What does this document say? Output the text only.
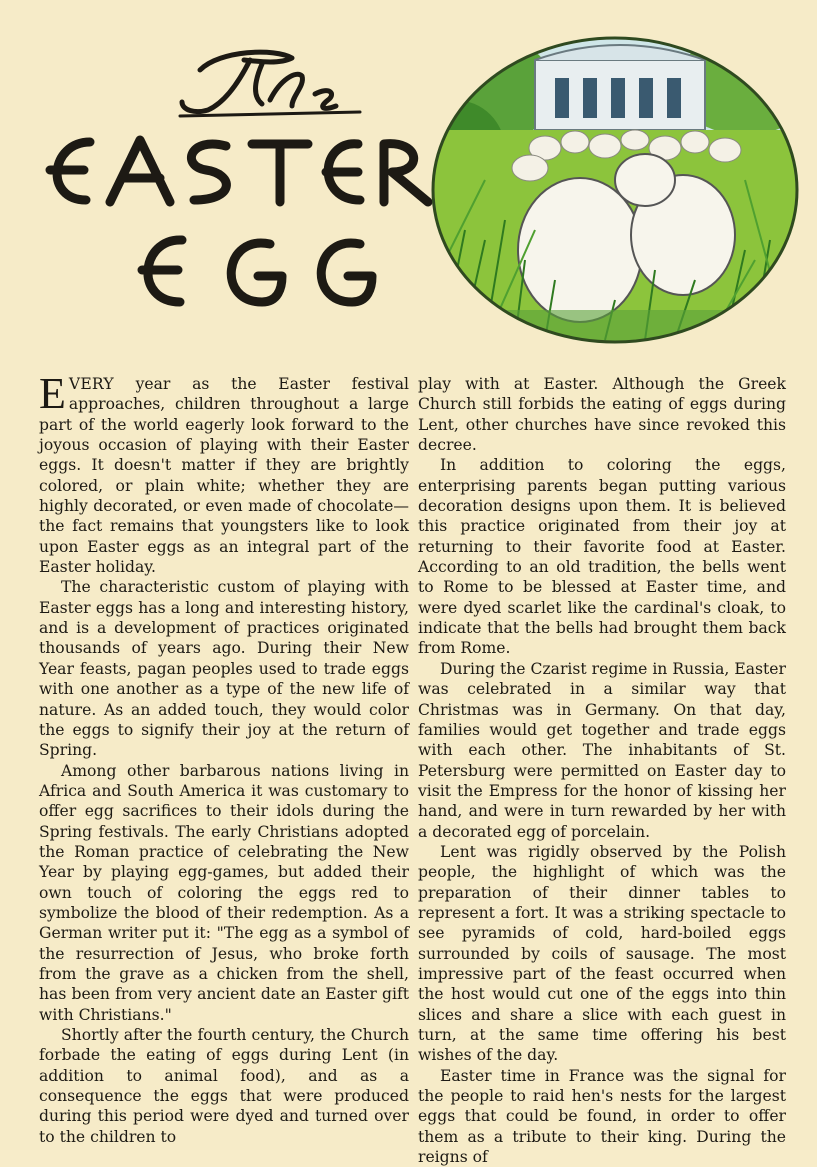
EVERY year as the Easter festival approaches, children throughout a large part of the world eagerly look forward to the joyous occasion of playing with their Easter eggs. It doesn't matter if they are brightly colored, or plain white; whether they are highly decorated, or even made of chocolate—the fact remains that youngsters like to look upon Easter eggs as an integral part of the Easter holiday.

The characteristic custom of playing with Easter eggs has a long and interesting history, and is a development of practices originated thousands of years ago. During their New Year feasts, pagan peoples used to trade eggs with one another as a type of the new life of nature. As an added touch, they would color the eggs to signify their joy at the return of Spring.

Among other barbarous nations living in Africa and South America it was customary to offer egg sacrifices to their idols during the Spring festivals. The early Christians adopted the Roman practice of celebrating the New Year by playing egg-games, but added their own touch of coloring the eggs red to symbolize the blood of their redemption. As a German writer put it: "The egg as a symbol of the resurrection of Jesus, who broke forth from the grave as a chicken from the shell, has been from very ancient date an Easter gift with Christians."

Shortly after the fourth century, the Church forbade the eating of eggs during Lent (in addition to animal food), and as a consequence the eggs that were produced during this period were dyed and turned over to the children to

play with at Easter. Although the Greek Church still forbids the eating of eggs during Lent, other churches have since revoked this decree.

In addition to coloring the eggs, enterprising parents began putting various decoration designs upon them. It is believed this practice originated from their joy at returning to their favorite food at Easter. According to an old tradition, the bells went to Rome to be blessed at Easter time, and were dyed scarlet like the cardinal's cloak, to indicate that the bells had brought them back from Rome.

During the Czarist regime in Russia, Easter was celebrated in a similar way that Christmas was in Germany. On that day, families would get together and trade eggs with each other. The inhabitants of St. Petersburg were permitted on Easter day to visit the Empress for the honor of kissing her hand, and were in turn rewarded by her with a decorated egg of porcelain.

Lent was rigidly observed by the Polish people, the highlight of which was the preparation of their dinner tables to represent a fort. It was a striking spectacle to see pyramids of cold, hard-boiled eggs surrounded by coils of sausage. The most impressive part of the feast occurred when the host would cut one of the eggs into thin slices and share a slice with each guest in turn, at the same time offering his best wishes of the day.

Easter time in France was the signal for the people to raid hen's nests for the largest eggs that could be found, in order to offer them as a tribute to their king. During the reigns of
